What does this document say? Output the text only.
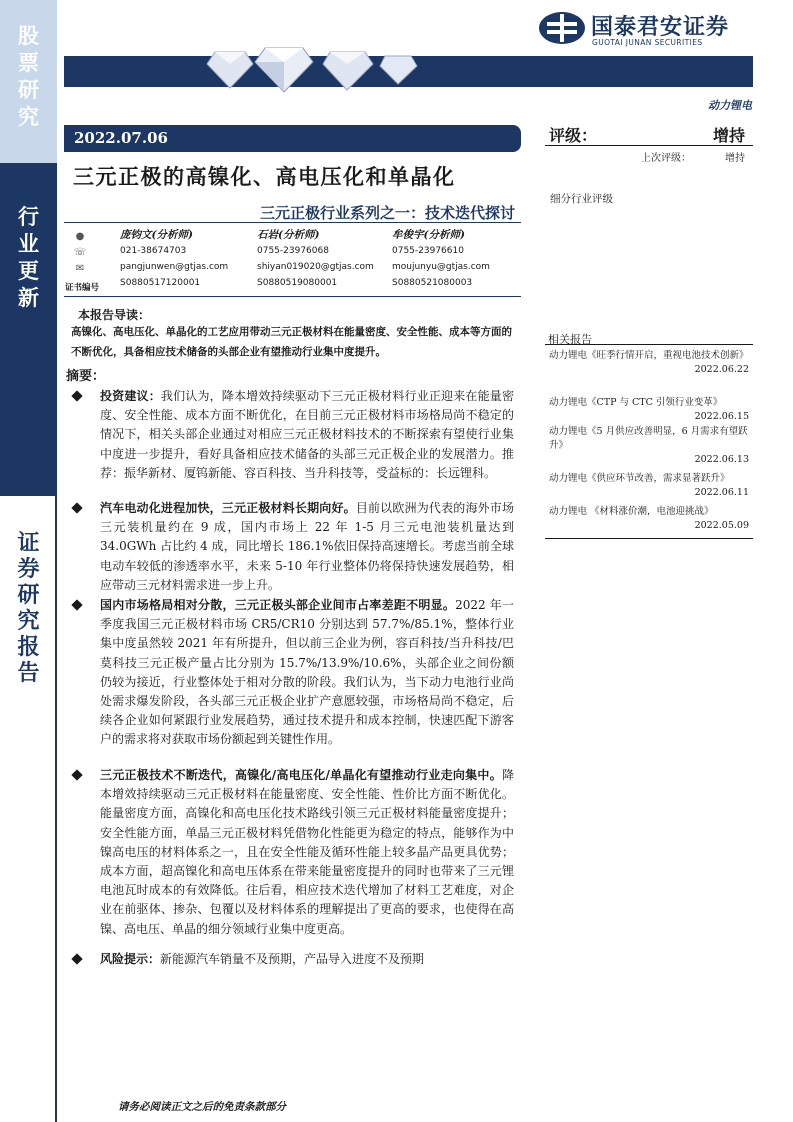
股
票
研
究
行
业
更
新
证
券
研
究
报
告
国泰君安证券
GUOTAI JUNAN SECURITIES
动力锂电
2022.07.06
三元正极的高镍化、高电压化和单晶化
三元正极行业系列之一：技术迭代探讨
评级：	增持
上次评级：	增持
细分行业评级
●
☏
✉
证书编号
庞钧文(分析师)
021-38674703
pangjunwen@gtjas.com
S0880517120001
石岩(分析师)
0755-23976068
shiyan019020@gtjas.com
S0880519080001
牟俊宇(分析师)
0755-23976610
moujunyu@gtjas.com
S0880521080003
本报告导读：
高镍化、高电压化、单晶化的工艺应用带动三元正极材料在能量密度、安全性能、成本等方面的不断优化，具备相应技术储备的头部企业有望推动行业集中度提升。
摘要：
投资建议：我们认为，降本增效持续驱动下三元正极材料行业正迎来在能量密度、安全性能、成本方面不断优化，在目前三元正极材料市场格局尚不稳定的情况下，相关头部企业通过对相应三元正极材料技术的不断探索有望使行业集中度进一步提升，看好具备相应技术储备的头部三元正极企业的发展潜力。推荐：振华新材、厦钨新能、容百科技、当升科技等，受益标的：长远锂科。
汽车电动化进程加快，三元正极材料长期向好。目前以欧洲为代表的海外市场三元装机量约在 9 成，国内市场上 22 年 1-5 月三元电池装机量达到 34.0GWh 占比约 4 成，同比增长 186.1%依旧保持高速增长。考虑当前全球电动车较低的渗透率水平，未来 5-10 年行业整体仍将保持快速发展趋势，相应带动三元材料需求进一步上升。
国内市场格局相对分散，三元正极头部企业间市占率差距不明显。2022 年一季度我国三元正极材料市场 CR5/CR10 分别达到 57.7%/85.1%，整体行业集中度虽然较 2021 年有所提升，但以前三企业为例，容百科技/当升科技/巴莫科技三元正极产量占比分别为 15.7%/13.9%/10.6%，头部企业之间份额仍较为接近，行业整体处于相对分散的阶段。我们认为，当下动力电池行业尚处需求爆发阶段，各头部三元正极企业扩产意愿较强，市场格局尚不稳定，后续各企业如何紧跟行业发展趋势，通过技术提升和成本控制，快速匹配下游客户的需求将对获取市场份额起到关键性作用。
三元正极技术不断迭代，高镍化/高电压化/单晶化有望推动行业走向集中。降本增效持续驱动三元正极材料在能量密度、安全性能、性价比方面不断优化。能量密度方面，高镍化和高电压化技术路线引领三元正极材料能量密度提升；安全性能方面，单晶三元正极材料凭借物化性能更为稳定的特点，能够作为中镍高电压的材料体系之一，且在安全性能及循环性能上较多晶产品更具优势；成本方面，超高镍化和高电压体系在带来能量密度提升的同时也带来了三元锂电池瓦时成本的有效降低。往后看，相应技术迭代增加了材料工艺难度，对企业在前驱体、掺杂、包覆以及材料体系的理解提出了更高的要求，也使得在高镍、高电压、单晶的细分领域行业集中度更高。
风险提示：新能源汽车销量不及预期，产品导入进度不及预期
相关报告
动力锂电《旺季行情开启，重视电池技术创新》
2022.06.22
动力锂电《CTP 与 CTC 引领行业变革》
2022.06.15
动力锂电《5 月供应改善明显，6 月需求有望跃升》
2022.06.13
动力锂电《供应环节改善，需求显著跃升》
2022.06.11
动力锂电 《材料涨价潮，电池迎挑战》
2022.05.09
请务必阅读正文之后的免责条款部分
